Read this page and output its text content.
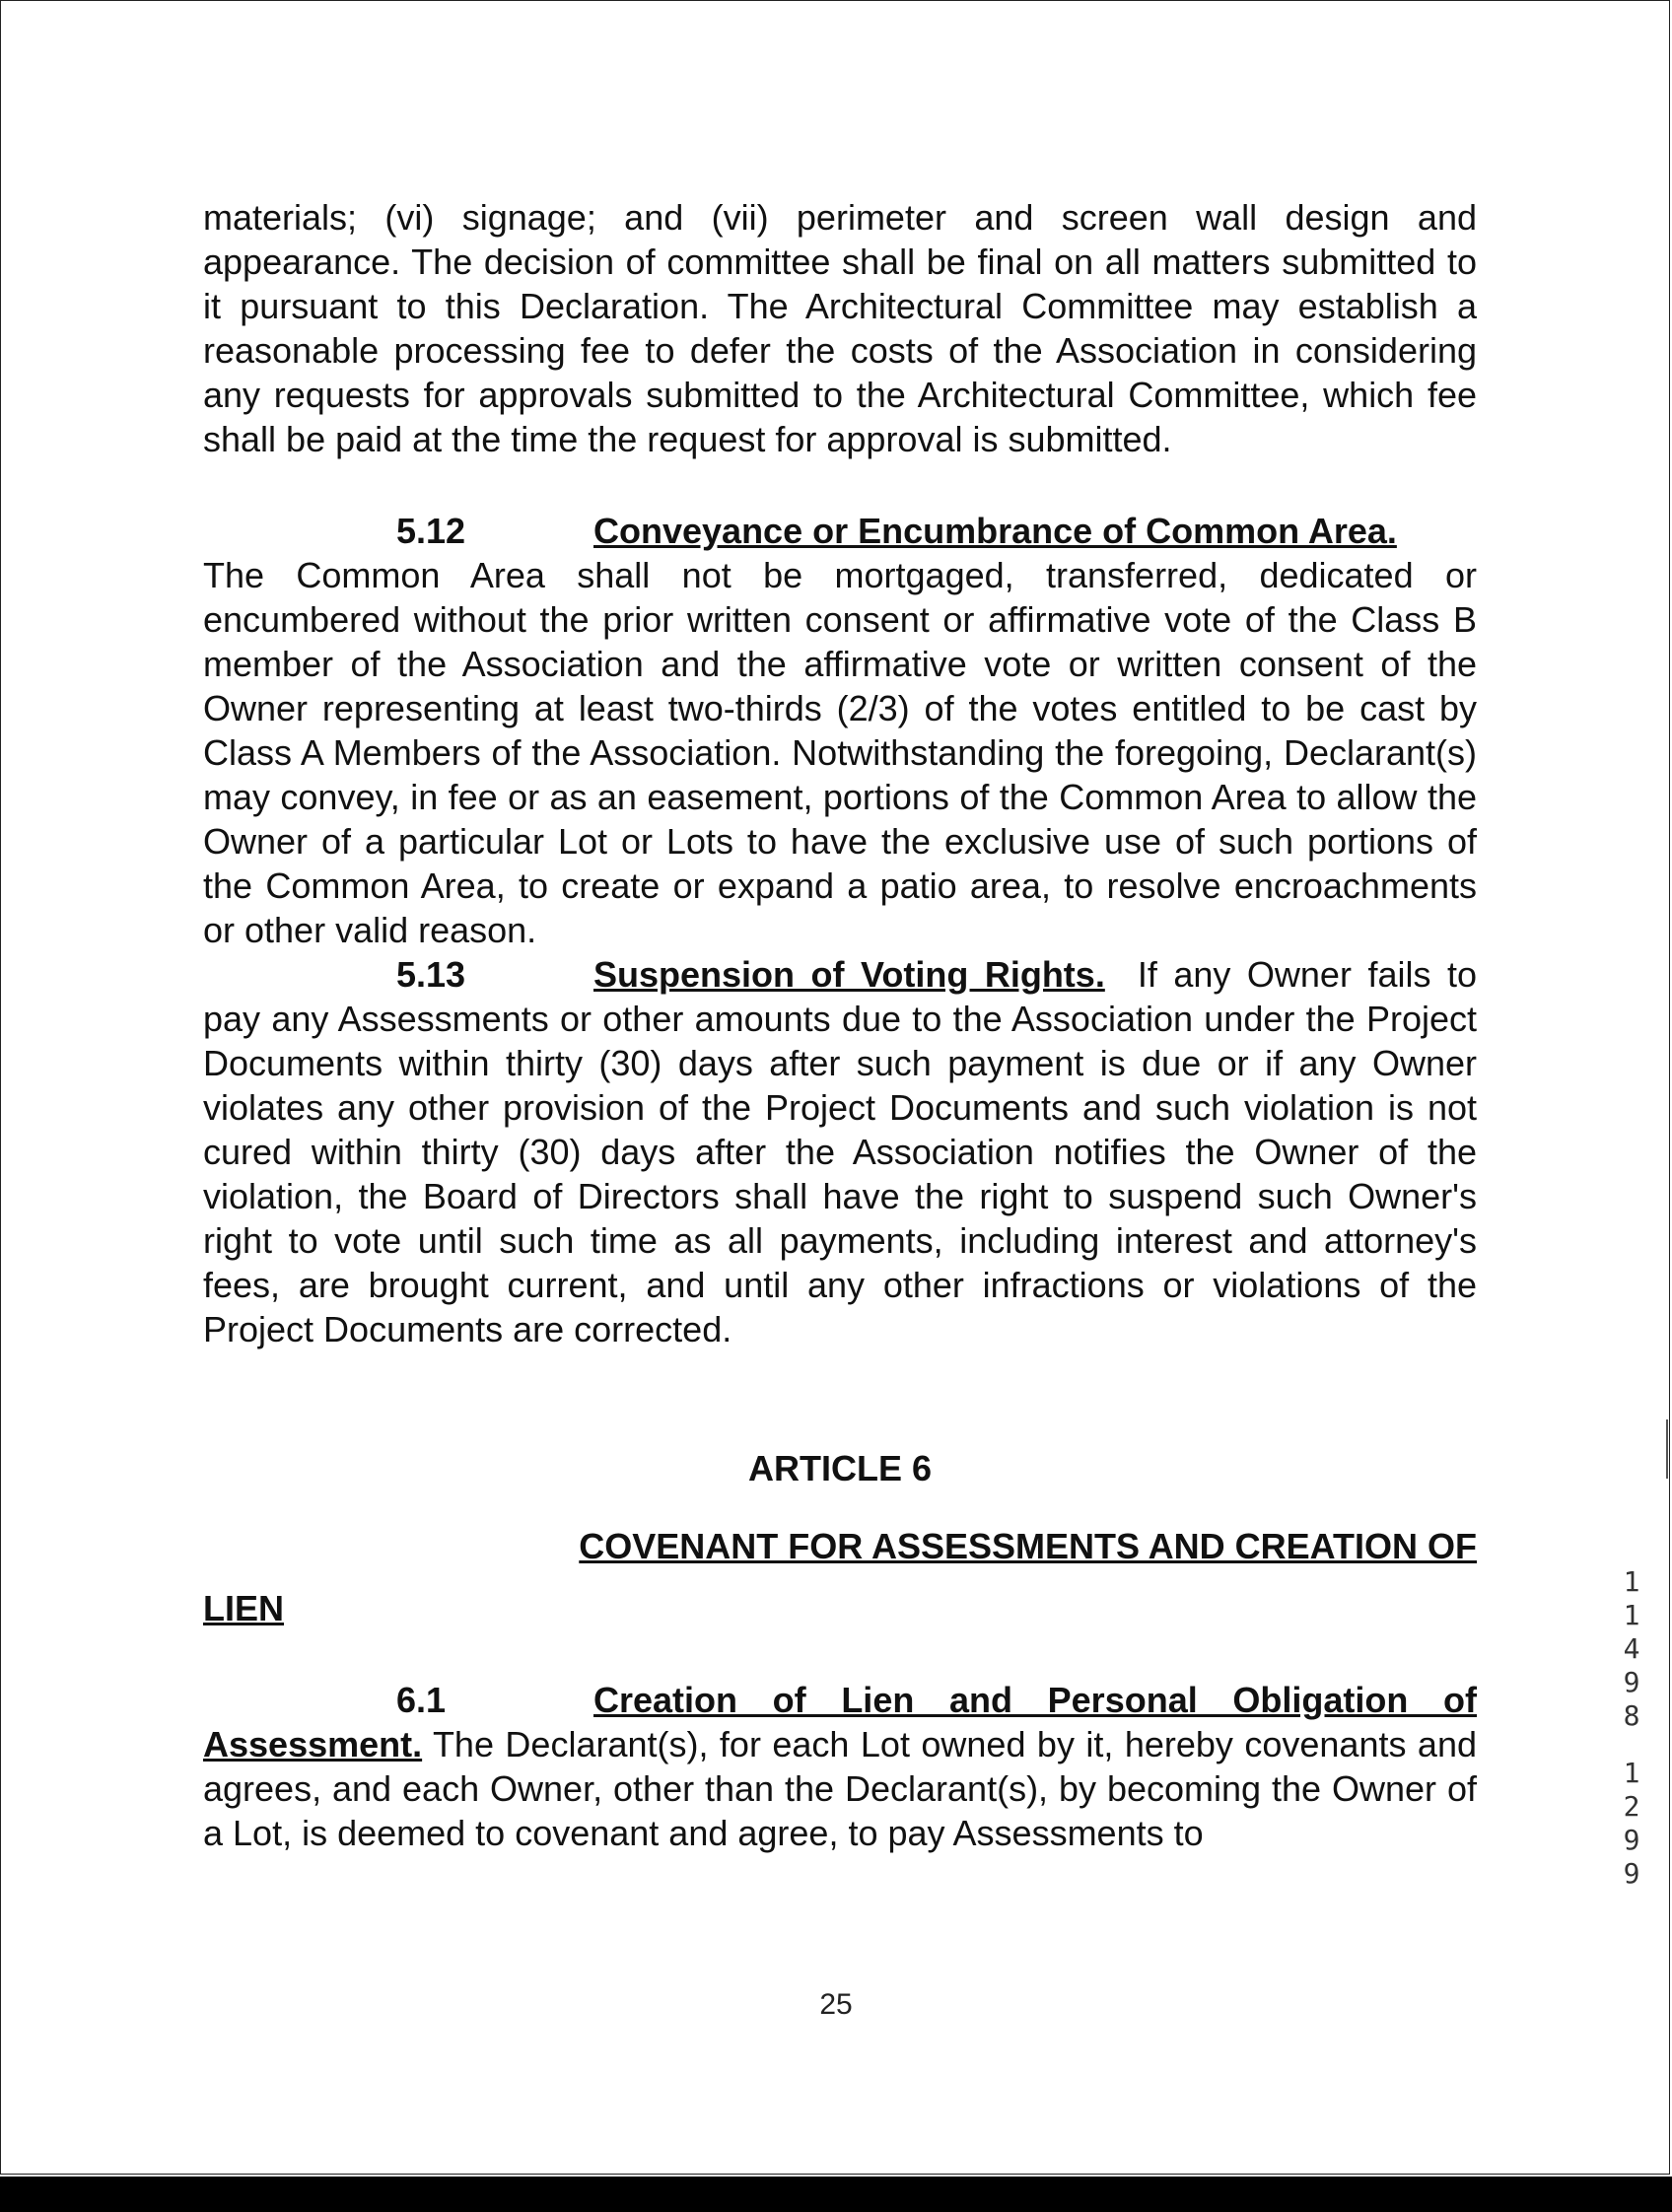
materials; (vi) signage; and (vii) perimeter and screen wall design and appearance. The decision of committee shall be final on all matters submitted to it pursuant to this Declaration. The Architectural Committee may establish a reasonable processing fee to defer the costs of the Association in considering any requests for approvals submitted to the Architectural Committee, which fee shall be paid at the time the request for approval is submitted.

5.12	Conveyance or Encumbrance of Common Area.

The Common Area shall not be mortgaged, transferred, dedicated or encumbered without the prior written consent or affirmative vote of the Class B member of the Association and the affirmative vote or written consent of the Owner representing at least two-thirds (2/3) of the votes entitled to be cast by Class A Members of the Association. Notwithstanding the foregoing, Declarant(s) may convey, in fee or as an easement, portions of the Common Area to allow the Owner of a particular Lot or Lots to have the exclusive use of such portions of the Common Area, to create or expand a patio area, to resolve encroachments or other valid reason.

5.13	Suspension of Voting Rights. If any Owner fails to pay any Assessments or other amounts due to the Association under the Project Documents within thirty (30) days after such payment is due or if any Owner violates any other provision of the Project Documents and such violation is not cured within thirty (30) days after the Association notifies the Owner of the violation, the Board of Directors shall have the right to suspend such Owner's right to vote until such time as all payments, including interest and attorney's fees, are brought current, and until any other infractions or violations of the Project Documents are corrected.

ARTICLE 6

COVENANT FOR ASSESSMENTS AND CREATION OF
LIEN
6.1	Creation of Lien and Personal Obligation of

Assessment. The Declarant(s), for each Lot owned by it, hereby covenants and agrees, and each Owner, other than the Declarant(s), by becoming the Owner of a Lot, is deemed to covenant and agree, to pay Assessments to

1
1
4
9
8
1
2
9
9
25
